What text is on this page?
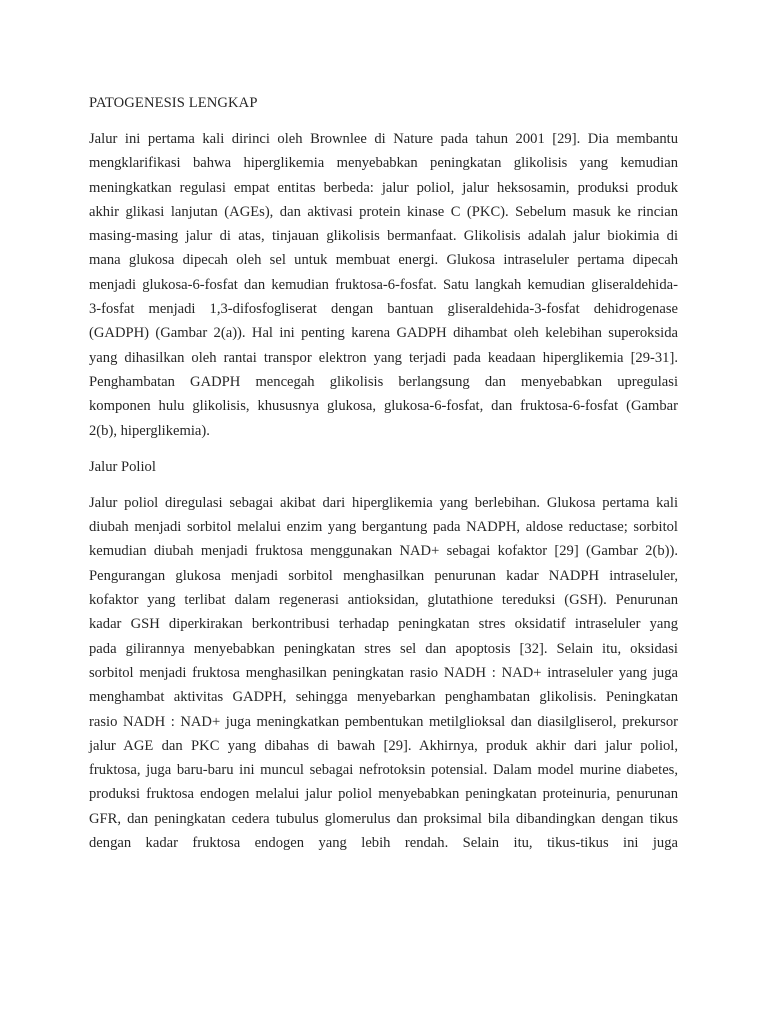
PATOGENESIS LENGKAP

Jalur ini pertama kali dirinci oleh Brownlee di Nature pada tahun 2001 [29]. Dia membantu
mengklarifikasi bahwa hiperglikemia menyebabkan peningkatan glikolisis yang kemudian
meningkatkan regulasi empat entitas berbeda: jalur poliol, jalur heksosamin, produksi produk
akhir glikasi lanjutan (AGEs), dan aktivasi protein kinase C (PKC). Sebelum masuk ke rincian
masing-masing jalur di atas, tinjauan glikolisis bermanfaat. Glikolisis adalah jalur biokimia di
mana glukosa dipecah oleh sel untuk membuat energi. Glukosa intraseluler pertama dipecah
menjadi glukosa-6-fosfat dan kemudian fruktosa-6-fosfat. Satu langkah kemudian gliseraldehida-
3-fosfat menjadi 1,3-difosfogliserat dengan bantuan gliseraldehida-3-fosfat dehidrogenase
(GADPH) (Gambar 2(a)). Hal ini penting karena GADPH dihambat oleh kelebihan superoksida
yang dihasilkan oleh rantai transpor elektron yang terjadi pada keadaan hiperglikemia [29-31].
Penghambatan GADPH mencegah glikolisis berlangsung dan menyebabkan upregulasi
komponen hulu glikolisis, khususnya glukosa, glukosa-6-fosfat, dan fruktosa-6-fosfat (Gambar
2(b), hiperglikemia).

Jalur Poliol

Jalur poliol diregulasi sebagai akibat dari hiperglikemia yang berlebihan. Glukosa pertama kali
diubah menjadi sorbitol melalui enzim yang bergantung pada NADPH, aldose reductase; sorbitol
kemudian diubah menjadi fruktosa menggunakan NAD+ sebagai kofaktor [29] (Gambar 2(b)).
Pengurangan glukosa menjadi sorbitol menghasilkan penurunan kadar NADPH intraseluler,
kofaktor yang terlibat dalam regenerasi antioksidan, glutathione tereduksi (GSH). Penurunan
kadar GSH diperkirakan berkontribusi terhadap peningkatan stres oksidatif intraseluler yang
pada gilirannya menyebabkan peningkatan stres sel dan apoptosis [32]. Selain itu, oksidasi
sorbitol menjadi fruktosa menghasilkan peningkatan rasio NADH : NAD+ intraseluler yang juga
menghambat aktivitas GADPH, sehingga menyebarkan penghambatan glikolisis. Peningkatan
rasio NADH : NAD+ juga meningkatkan pembentukan metilglioksal dan diasilgliserol, prekursor
jalur AGE dan PKC yang dibahas di bawah [29]. Akhirnya, produk akhir dari jalur poliol,
fruktosa, juga baru-baru ini muncul sebagai nefrotoksin potensial. Dalam model murine diabetes,
produksi fruktosa endogen melalui jalur poliol menyebabkan peningkatan proteinuria, penurunan
GFR, dan peningkatan cedera tubulus glomerulus dan proksimal bila dibandingkan dengan tikus
dengan kadar fruktosa endogen yang lebih rendah. Selain itu, tikus-tikus ini juga
